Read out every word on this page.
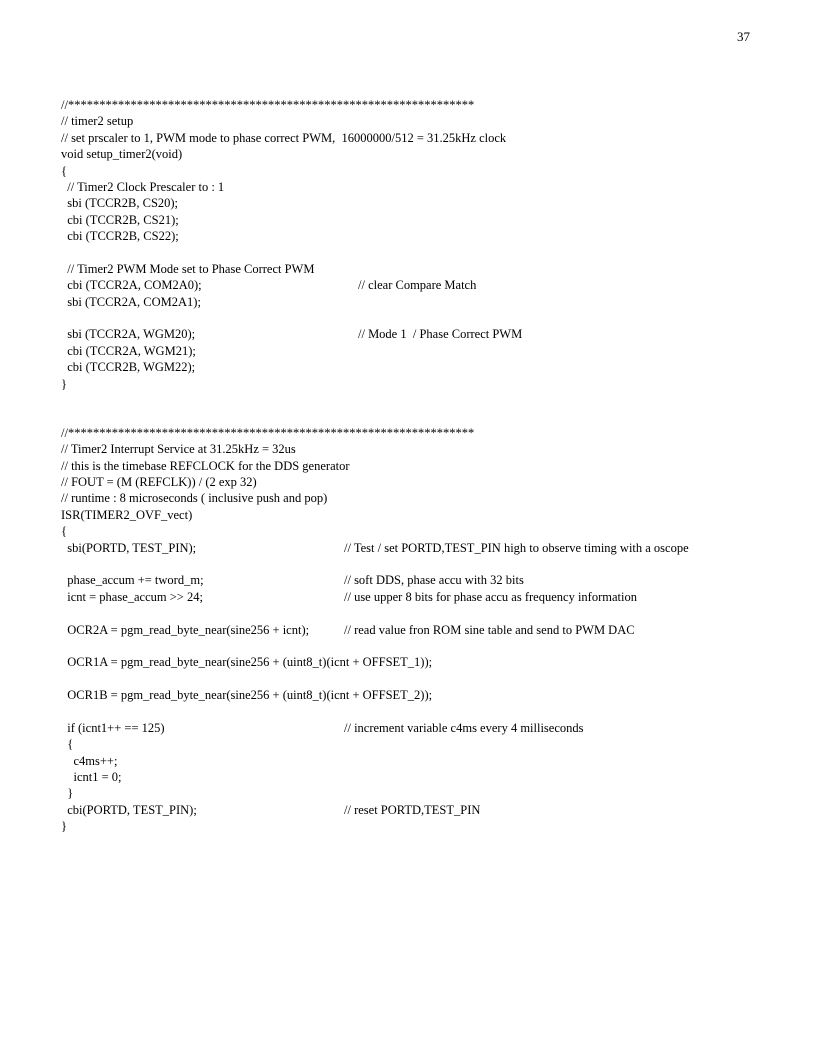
37
//*****************************************************************
// timer2 setup
// set prscaler to 1, PWM mode to phase correct PWM,  16000000/512 = 31.25kHz clock
void setup_timer2(void)
{
// Timer2 Clock Prescaler to : 1
sbi (TCCR2B, CS20);
cbi (TCCR2B, CS21);
cbi (TCCR2B, CS22);
// Timer2 PWM Mode set to Phase Correct PWM
cbi (TCCR2A, COM2A0);	// clear Compare Match
sbi (TCCR2A, COM2A1);
sbi (TCCR2A, WGM20);	// Mode 1  / Phase Correct PWM
cbi (TCCR2A, WGM21);
cbi (TCCR2B, WGM22);
}
//*****************************************************************
// Timer2 Interrupt Service at 31.25kHz = 32us
// this is the timebase REFCLOCK for the DDS generator
// FOUT = (M (REFCLK)) / (2 exp 32)
// runtime : 8 microseconds ( inclusive push and pop)
ISR(TIMER2_OVF_vect)
{
sbi(PORTD, TEST_PIN);	// Test / set PORTD,TEST_PIN high to observe timing with a oscope
phase_accum += tword_m;	// soft DDS, phase accu with 32 bits
icnt = phase_accum >> 24;	// use upper 8 bits for phase accu as frequency information
OCR2A = pgm_read_byte_near(sine256 + icnt);	// read value fron ROM sine table and send to PWM DAC
OCR1A = pgm_read_byte_near(sine256 + (uint8_t)(icnt + OFFSET_1));
OCR1B = pgm_read_byte_near(sine256 + (uint8_t)(icnt + OFFSET_2));
if (icnt1++ == 125)	// increment variable c4ms every 4 milliseconds
{
c4ms++;
icnt1 = 0;
}
cbi(PORTD, TEST_PIN);	// reset PORTD,TEST_PIN
}
